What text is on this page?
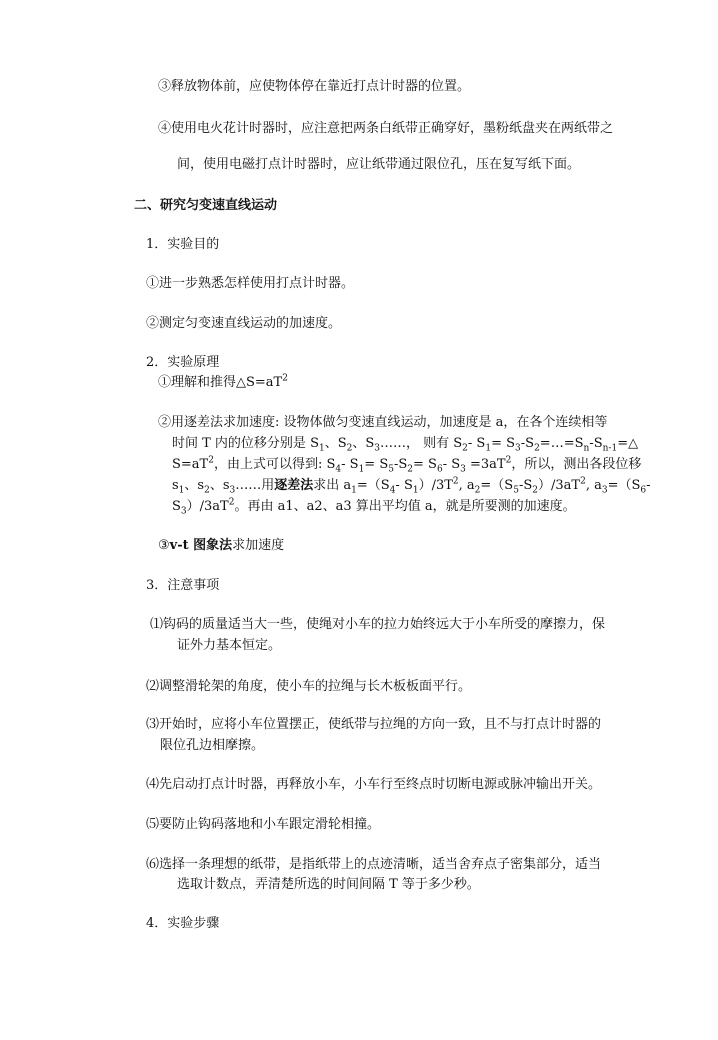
③释放物体前，应使物体停在靠近打点计时器的位置。
④使用电火花计时器时，应注意把两条白纸带正确穿好，墨粉纸盘夹在两纸带之
间，使用电磁打点计时器时，应让纸带通过限位孔，压在复写纸下面。
二、研究匀变速直线运动
1．实验目的
①进一步熟悉怎样使用打点计时器。
②测定匀变速直线运动的加速度。
2．实验原理
①理解和推得$\triangle S=aT^2$
②用逐差法求加速度: 设物体做匀变速直线运动，加速度是 a，在各个连续相等
时间 T 内的位移分别是 $S_1$、$S_2$、$S_3\dots\dots$， 则有 $S_2-$ $S_1=$ $S_3-S_2=\dots=S_n-S_{n-1}=\triangle$
$S=aT^2$，由上式可以得到: $S_4-$ $S_1= S_5-S_2= S_6-$ $S_3 =3aT^2$，所以，测出各段位移
$s_1$、$s_2$、$s_3\dots\dots$用逐差法求出 $a_1=(S_4-$ $S_1)/3T^2$, $a_2=(S_5-S_2)/3aT^2$, $a_3=(S_6-$
$S_3)/3aT^2$。再由 a1、a2、a3 算出平均值 a，就是所要测的加速度。
③v-t 图象法求加速度
3．注意事项
⑴钩码的质量适当大一些，使绳对小车的拉力始终远大于小车所受的摩擦力，保
证外力基本恒定。
⑵调整滑轮架的角度，使小车的拉绳与长木板板面平行。
⑶开始时，应将小车位置摆正，使纸带与拉绳的方向一致，且不与打点计时器的
限位孔边相摩擦。
⑷先启动打点计时器，再释放小车，小车行至终点时切断电源或脉冲输出开关。
⑸要防止钩码落地和小车跟定滑轮相撞。
⑹选择一条理想的纸带，是指纸带上的点迹清晰，适当舍弃点子密集部分，适当
选取计数点，弄清楚所选的时间间隔 T 等于多少秒。
4．实验步骤
